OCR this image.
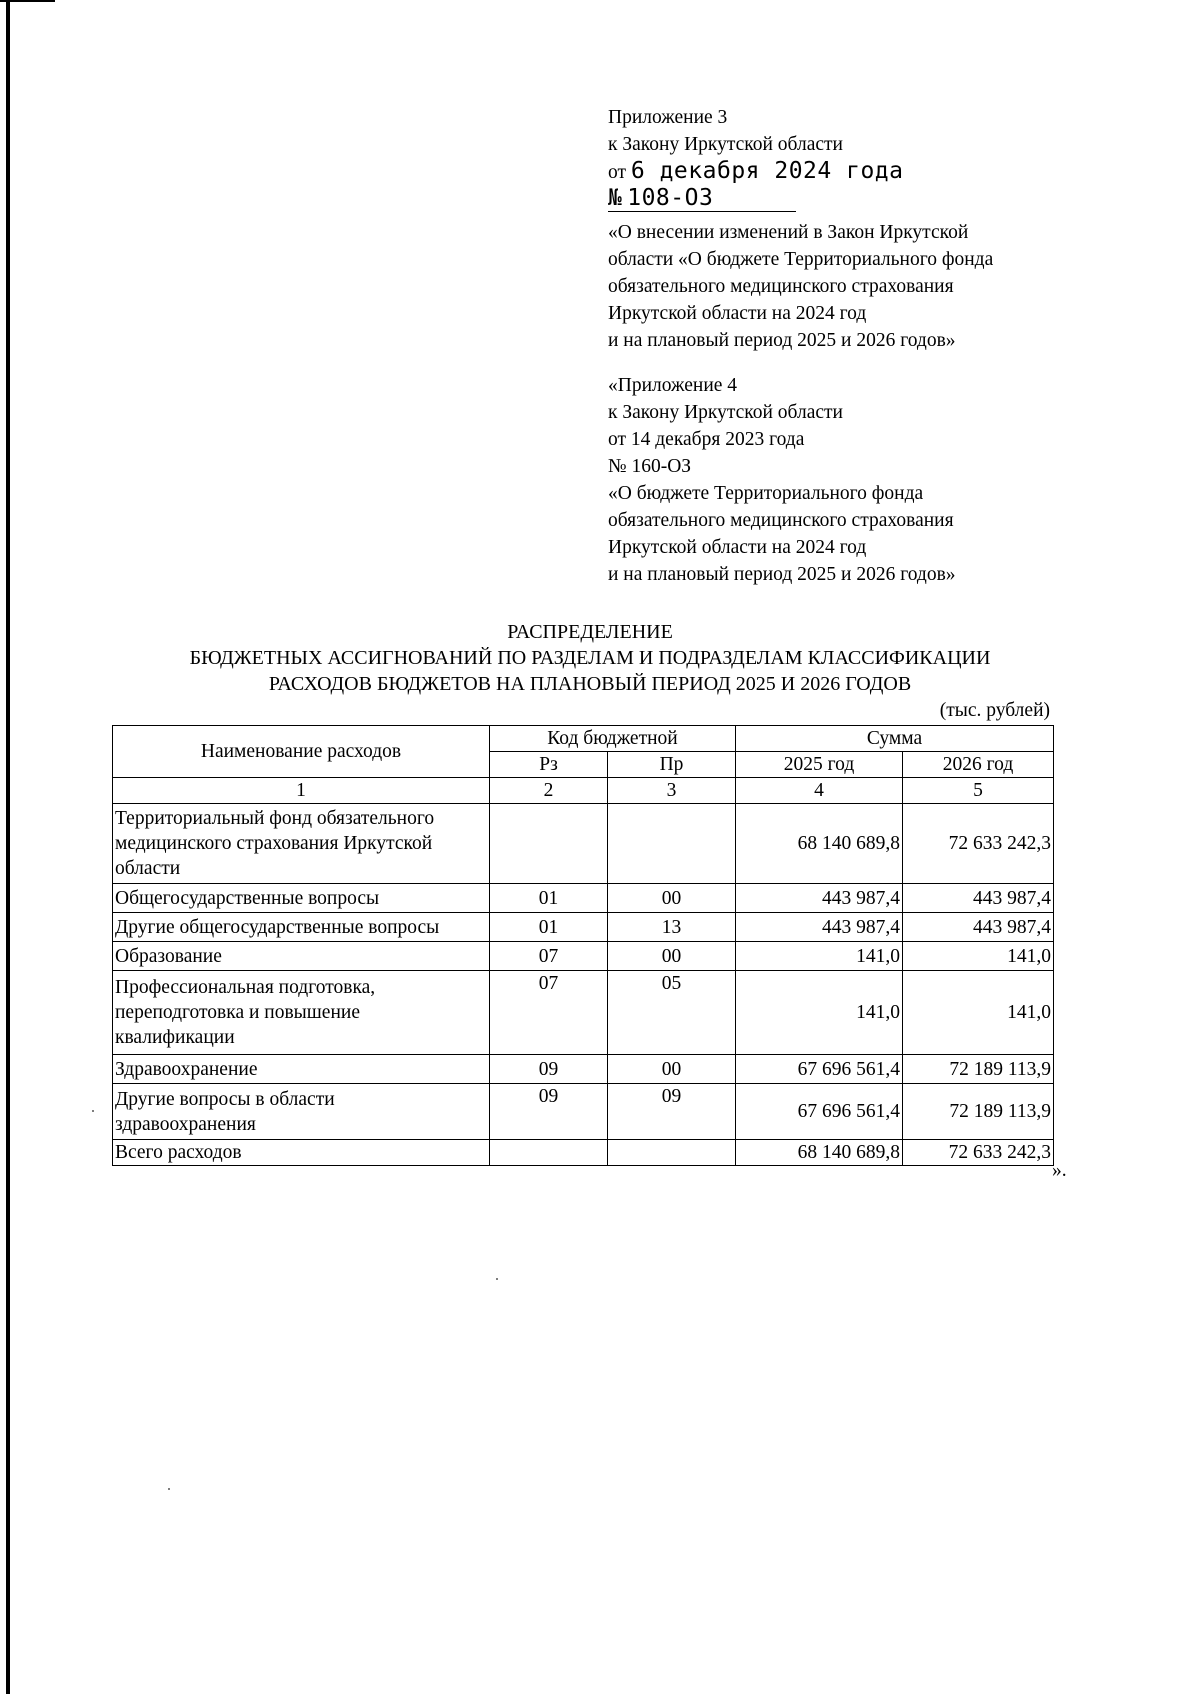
Приложение 3
к Закону Иркутской области
от 6 декабря 2024 года
№ 108-ОЗ
«О внесении изменений в Закон Иркутской
области «О бюджете Территориального фонда
обязательного медицинского страхования
Иркутской области на 2024 год
и на плановый период 2025 и 2026 годов»
«Приложение 4
к Закону Иркутской области
от 14 декабря 2023 года
№ 160-ОЗ
«О бюджете Территориального фонда
обязательного медицинского страхования
Иркутской области на 2024 год
и на плановый период 2025 и 2026 годов»
РАСПРЕДЕЛЕНИЕ
БЮДЖЕТНЫХ АССИГНОВАНИЙ ПО РАЗДЕЛАМ И ПОДРАЗДЕЛАМ КЛАССИФИКАЦИИ
РАСХОДОВ БЮДЖЕТОВ НА ПЛАНОВЫЙ ПЕРИОД 2025 И 2026 ГОДОВ
(тыс. рублей)
Наименование расходов	Код бюджетной		Сумма	
	Рз	Пр	2025 год	2026 год
1	2	3	4	5

Территориальный фонд обязательного
медицинского страхования Иркутской
области			68 140 689,8	72 633 242,3
Общегосударственные вопросы	01	00	443 987,4	443 987,4
Другие общегосударственные вопросы	01	13	443 987,4	443 987,4
Образование	07	00	141,0	141,0

Профессиональная подготовка,
переподготовка и повышение
квалификации	07	05	141,0	141,0
Здравоохранение	09	00	67 696 561,4	72 189 113,9

Другие вопросы в области
здравоохранения	09	09	67 696 561,4	72 189 113,9
Всего расходов			68 140 689,8	72 633 242,3
».
